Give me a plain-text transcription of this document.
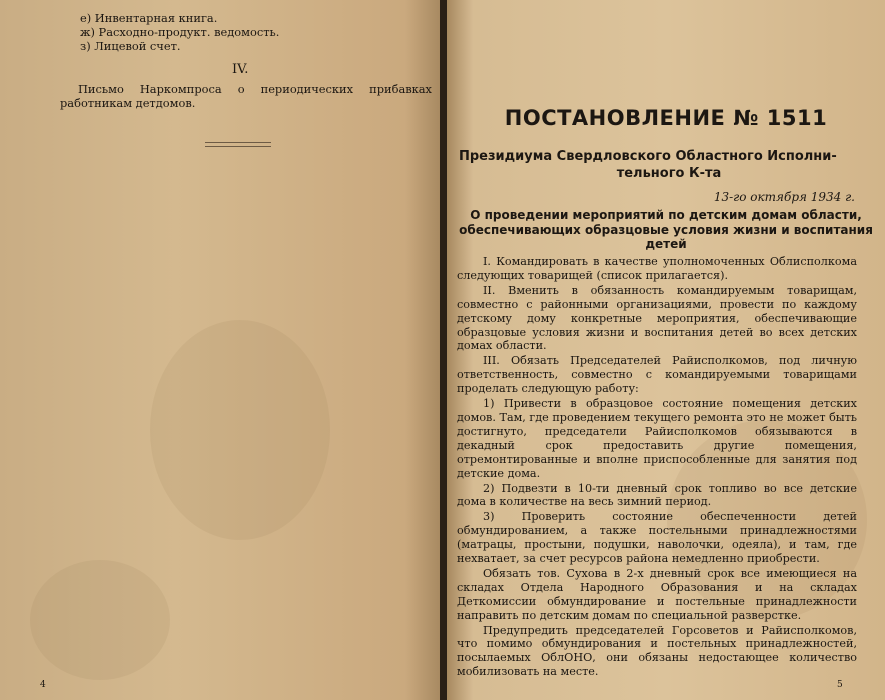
е) Инвентарная книга.
ж) Расходно-продукт. ведомость.
з) Лицевой счет.
IV.
Письмо Наркомпроса о периодических прибавках работникам детдомов.
4
ПОСТАНОВЛЕНИЕ № 1511
Президиума Свердловского Областного Исполни-
тельного К-та
13-го октября 1934 г.
О проведении мероприятий по детским домам области, обеспечивающих образцовые условия жизни и воспитания детей

I. Командировать в качестве уполномоченных Облисполкома следующих товарищей (список прилагается).

II. Вменить в обязанность командируемым товарищам, совместно с районными организациями, провести по каждому детскому дому конкретные мероприятия, обеспечивающие образцовые условия жизни и воспитания детей во всех детских домах области.

III. Обязать Председателей Райисполкомов, под личную ответственность, совместно с командируемыми товарищами проделать следующую работу:

1) Привести в образцовое состояние помещения детских домов. Там, где проведением текущего ремонта это не может быть достигнуто, председатели Райисполкомов обязываются в декадный срок предоставить другие помещения, отремонтированные и вполне приспособленные для занятия под детские дома.

2) Подвезти в 10-ти дневный срок топливо во все детские дома в количестве на весь зимний период.

3) Проверить состояние обеспеченности детей обмундированием, а также постельными принадлежностями (матрацы, простыни, подушки, наволочки, одеяла), и там, где нехватает, за счет ресурсов района немедленно приобрести.

Обязать тов. Сухова в 2-х дневный срок все имеющиеся на складах Отдела Народного Образования и на складах Деткомиссии обмундирование и постельные принадлежности направить по детским домам по специальной разверстке.

Предупредить председателей Горсоветов и Райисполкомов, что помимо обмундирования и постельных принадлежностей, посылаемых ОблОНО, они обязаны недостающее количество мобилизовать на месте.

5
